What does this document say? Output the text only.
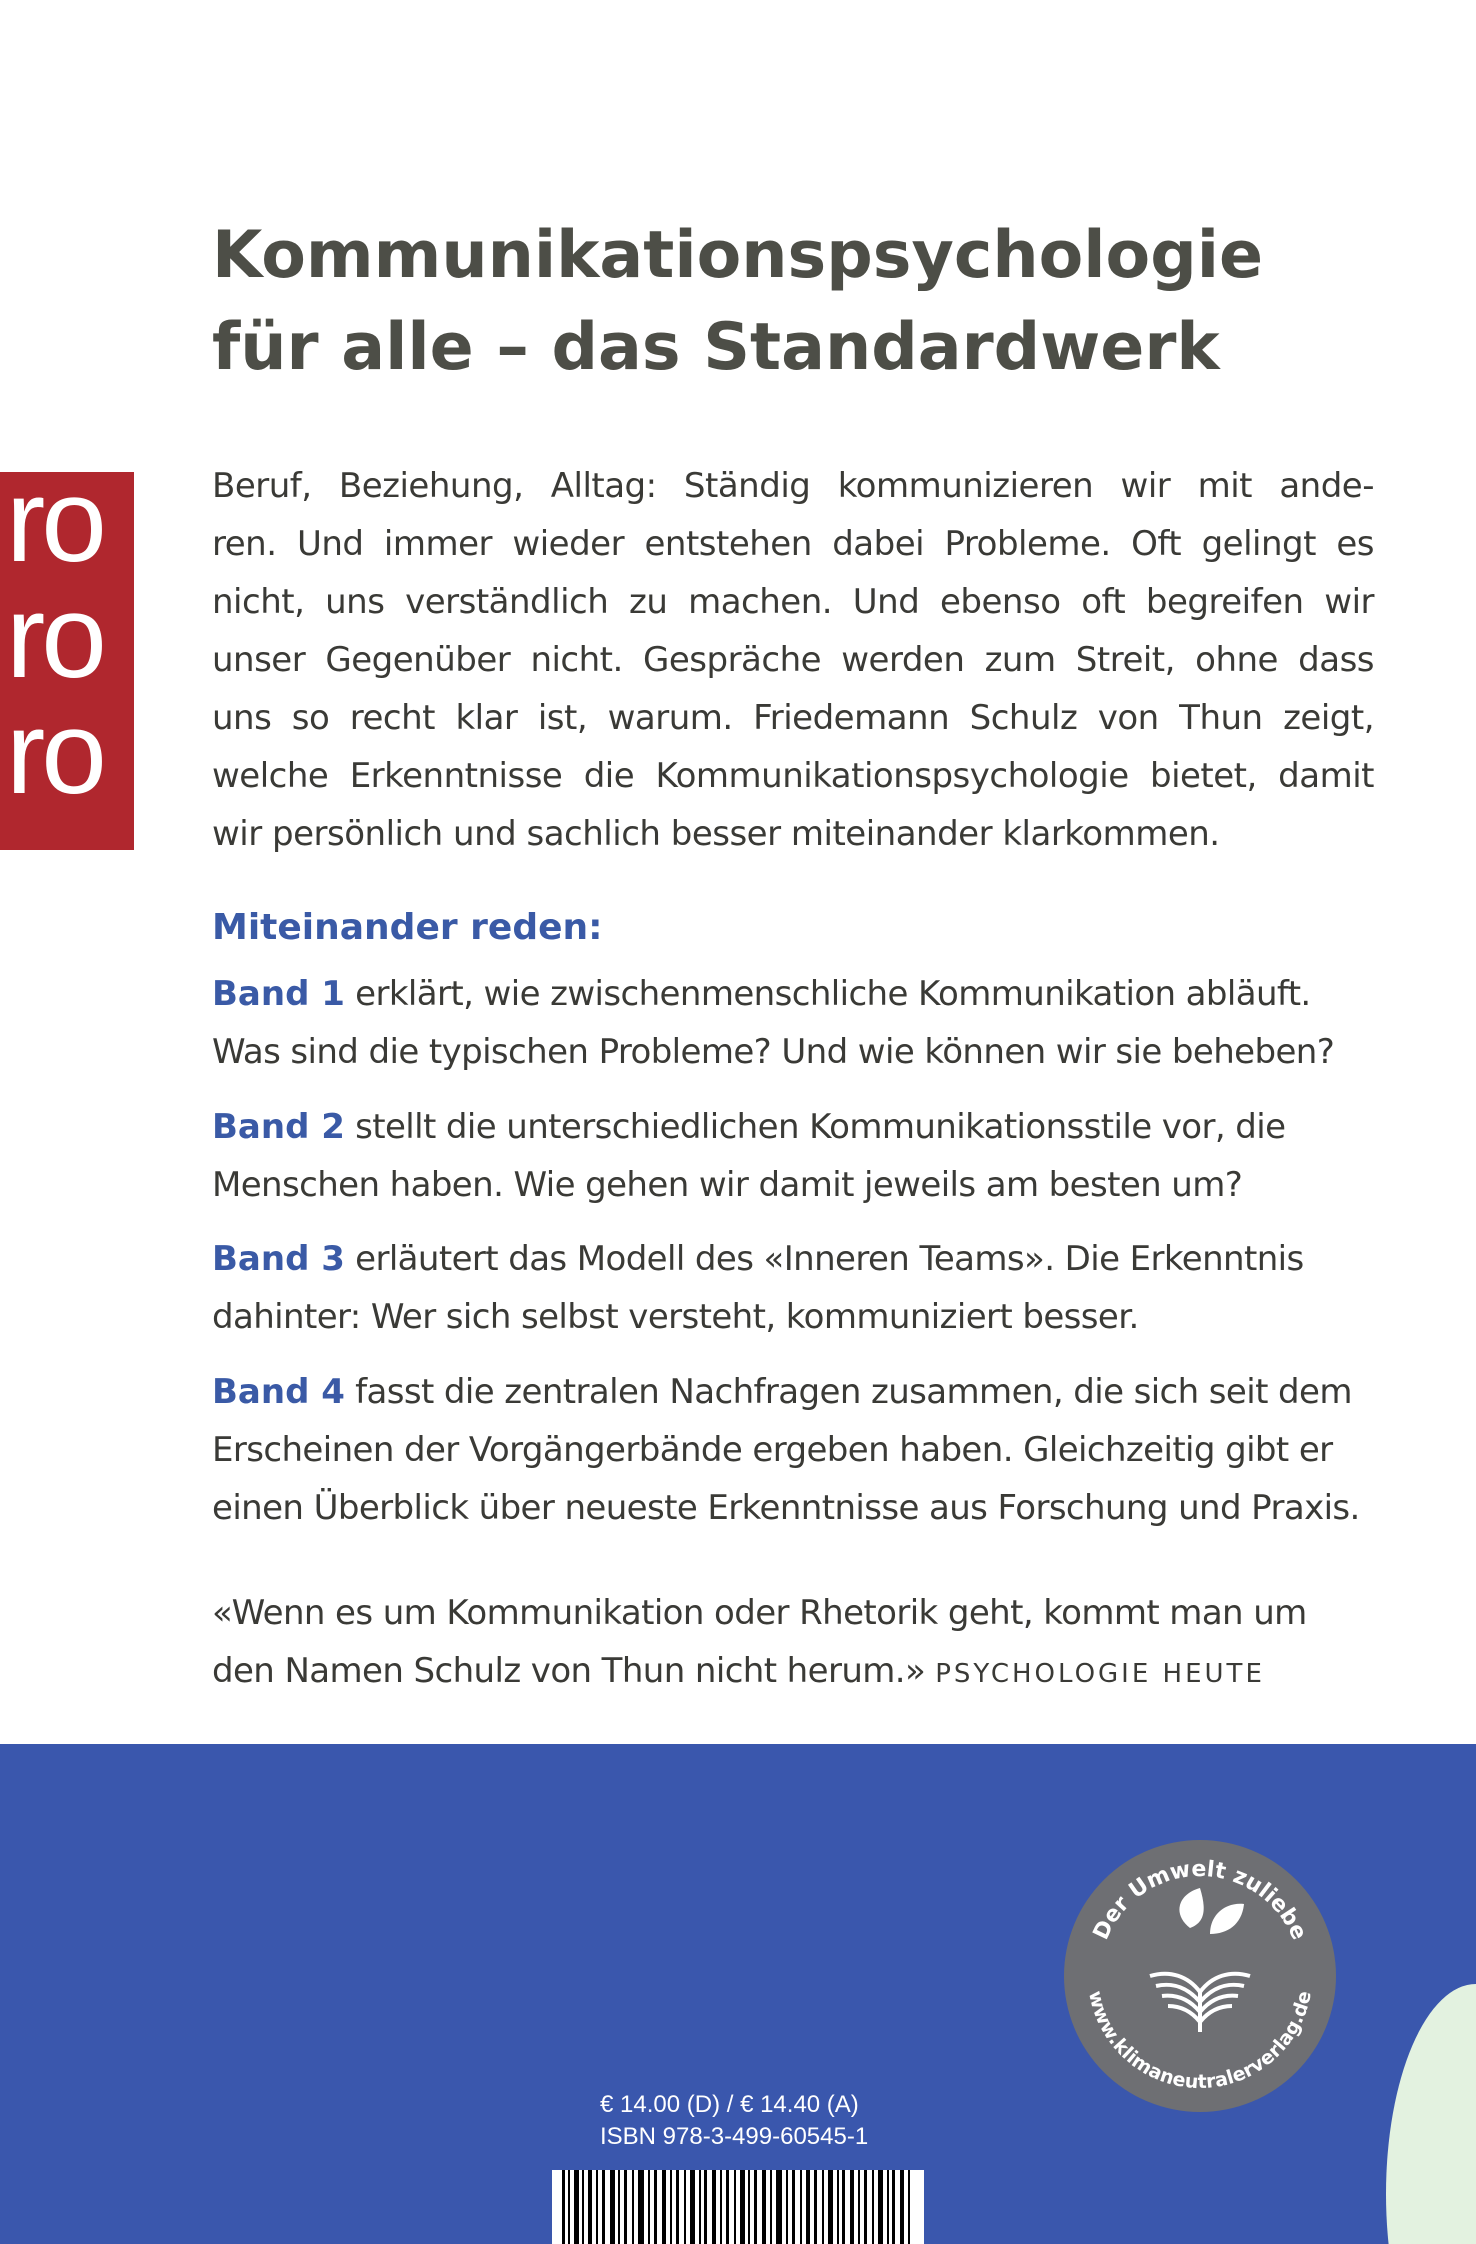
ro
ro
ro
Kommunikationspsychologie
für alle – das Standardwerk
Beruf, Beziehung, Alltag: Ständig kommunizieren wir mit ande-
ren. Und immer wieder entstehen dabei Probleme. Oft gelingt es
nicht, uns verständlich zu machen. Und ebenso oft begreifen wir
unser Gegenüber nicht. Gespräche werden zum Streit, ohne dass
uns so recht klar ist, warum. Friedemann Schulz von Thun zeigt,
welche Erkenntnisse die Kommunikationspsychologie bietet, damit
wir persönlich und sachlich besser miteinander klarkommen.
Miteinander reden:
Band 1 erklärt, wie zwischenmenschliche Kommunikation abläuft.
Was sind die typischen Probleme? Und wie können wir sie beheben?
Band 2 stellt die unterschiedlichen Kommunikationsstile vor, die
Menschen haben. Wie gehen wir damit jeweils am besten um?
Band 3 erläutert das Modell des «Inneren Teams». Die Erkenntnis
dahinter: Wer sich selbst versteht, kommuniziert besser.
Band 4 fasst die zentralen Nachfragen zusammen, die sich seit dem
Erscheinen der Vorgängerbände ergeben haben. Gleichzeitig gibt er
einen Überblick über neueste Erkenntnisse aus Forschung und Praxis.
«Wenn es um Kommunikation oder Rhetorik geht, kommt man um
den Namen Schulz von Thun nicht herum.» PSYCHOLOGIE HEUTE
Der Umwelt zuliebe
www.klimaneutralerverlag.de
€ 14.00 (D) / € 14.40 (A)
ISBN 978-3-499-60545-1
